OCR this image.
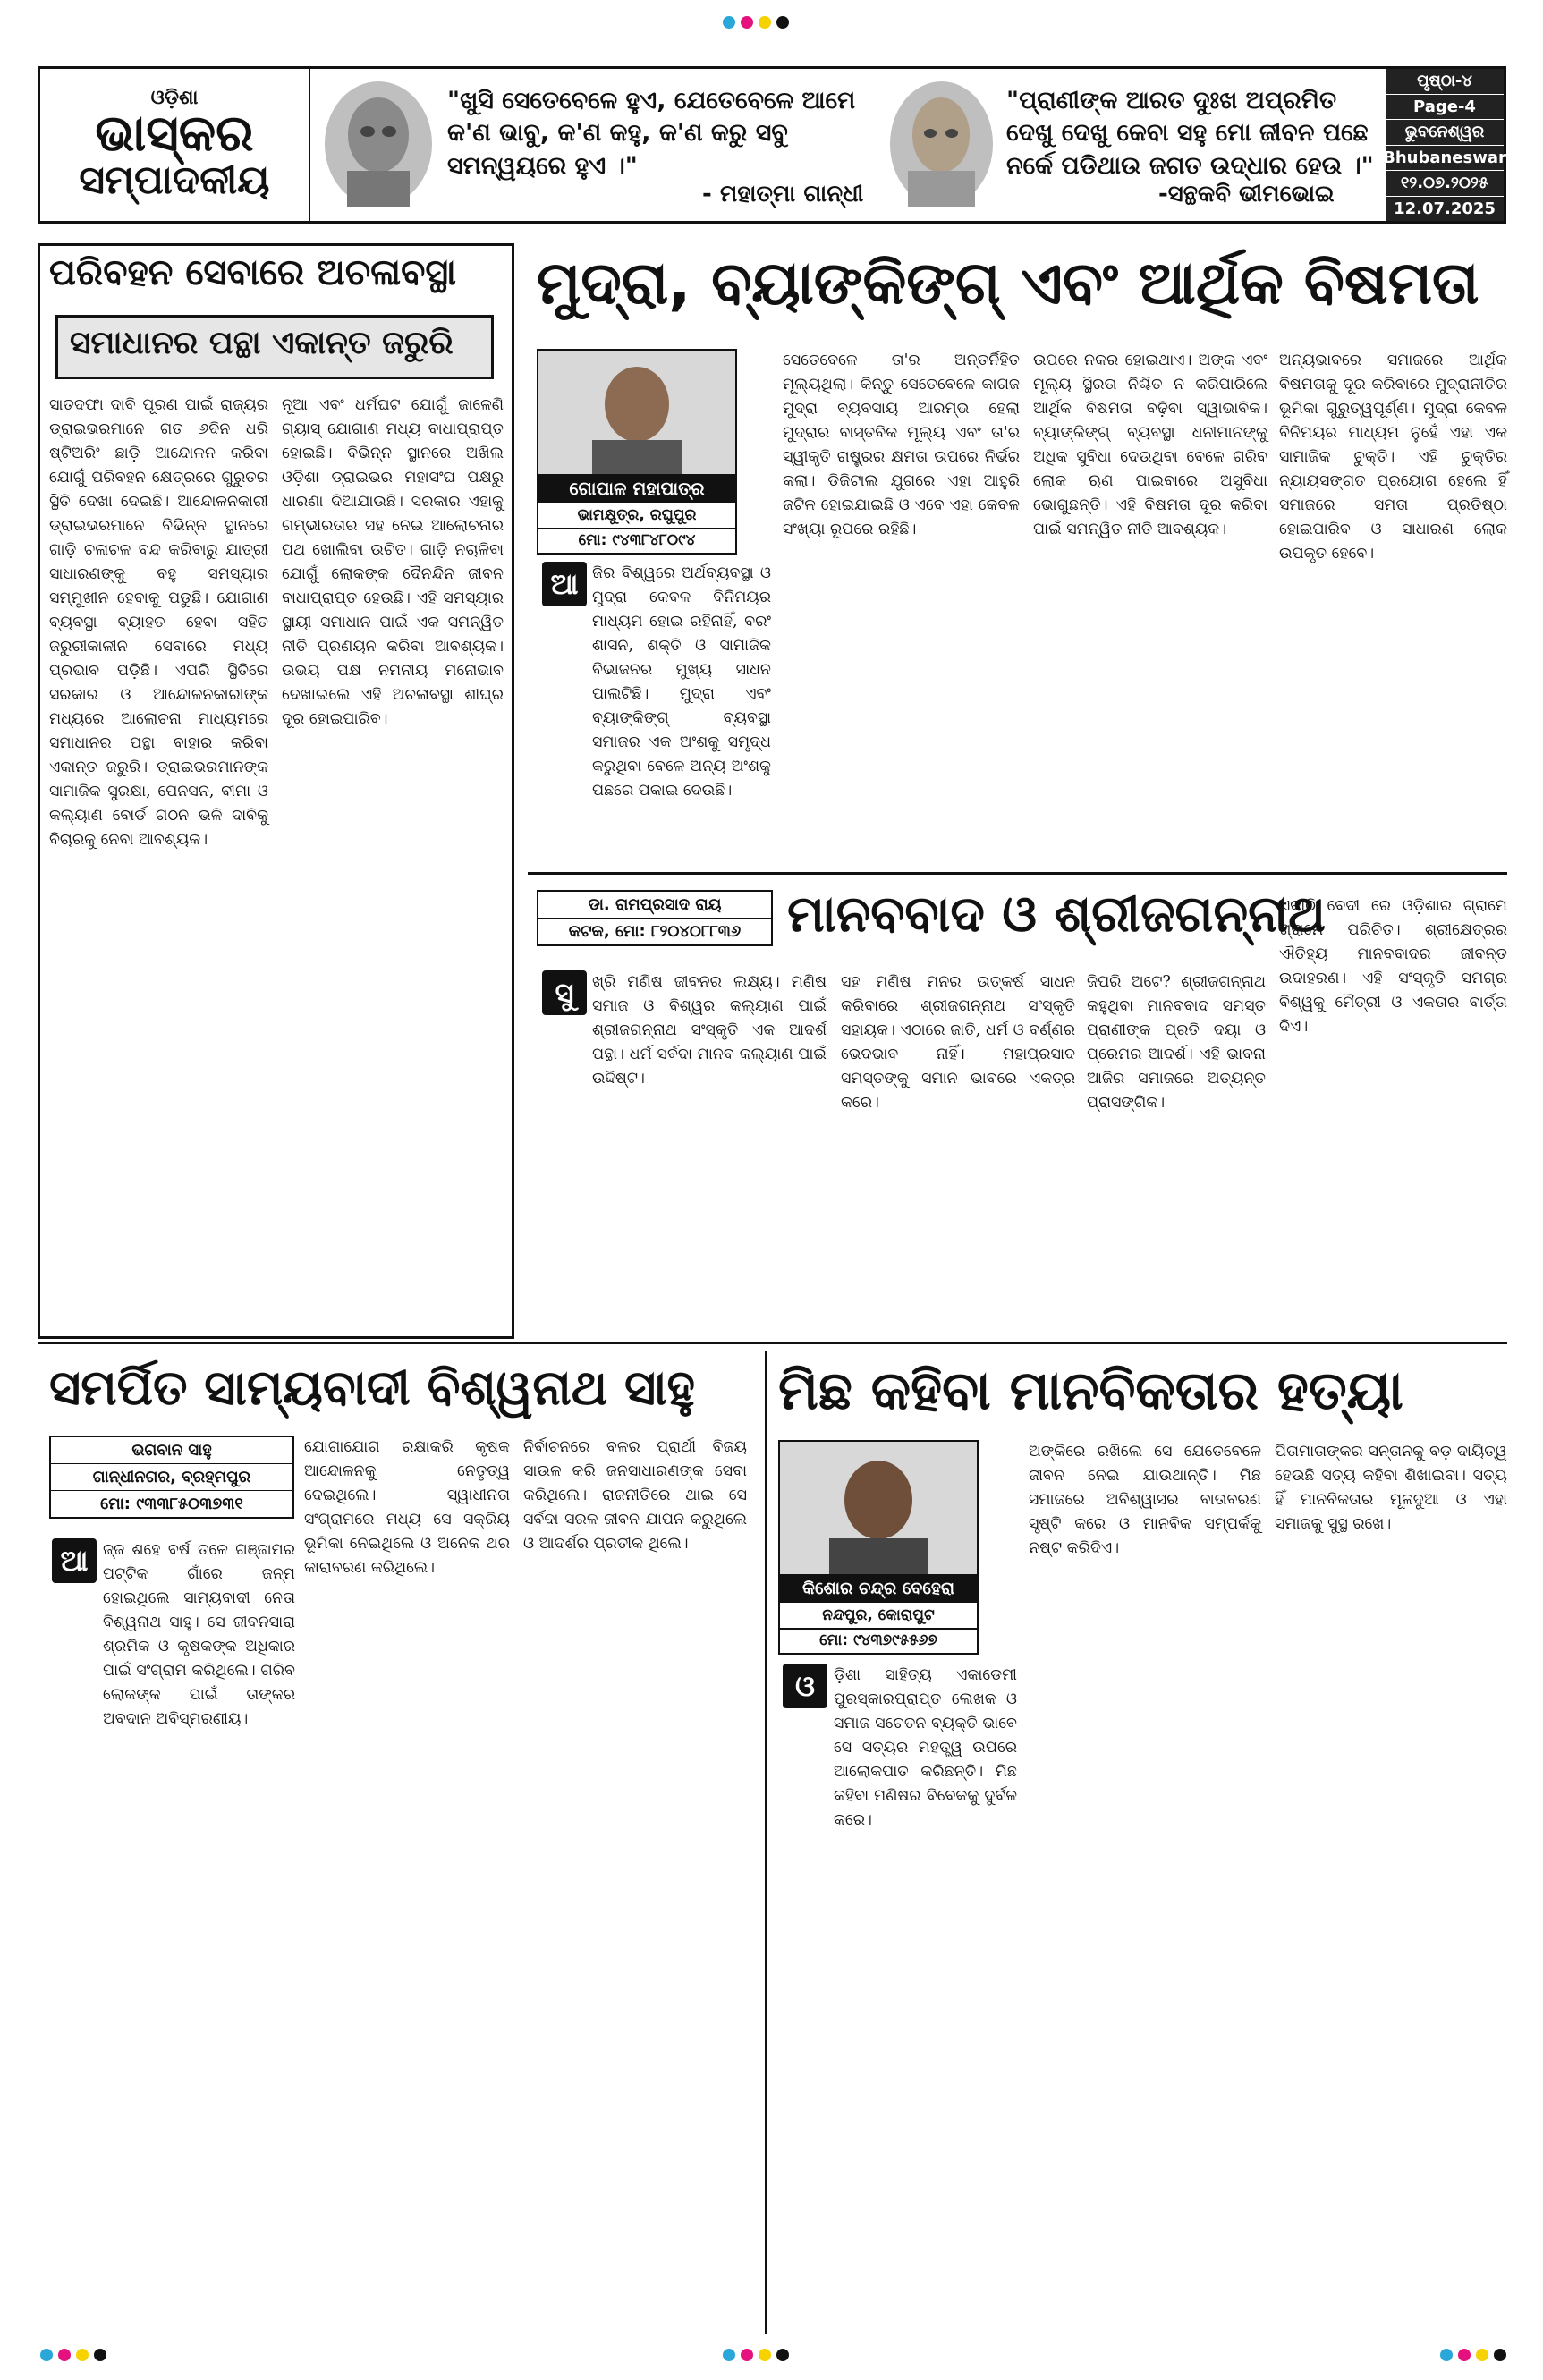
ଓଡ଼ିଶା
ଭାସ୍କର
ସମ୍ପାଦକୀୟ
"ଖୁସି ସେତେବେଳେ ହୁଏ, ଯେତେବେଳେ ଆମେ କ'ଣ ଭାବୁ, କ'ଣ କହୁ, କ'ଣ କରୁ ସବୁ ସମନ୍ୱୟରେ ହୁଏ ।"
- ମହାତ୍ମା ଗାନ୍ଧୀ
"ପ୍ରାଣୀଙ୍କ ଆରତ ଦୁଃଖ ଅପ୍ରମିତ ଦେଖୁ ଦେଖୁ କେବା ସହୁ ମୋ ଜୀବନ ପଛେ ନର୍କେ ପଡିଥାଉ ଜଗତ ଉଦ୍ଧାର ହେଉ ।"
-ସନ୍ଥକବି ଭୀମଭୋଇ
ପୃଷ୍ଠା-୪
Page-4
ଭୁବନେଶ୍ୱର
Bhubaneswar
୧୨.୦୭.୨୦୨୫
12.07.2025
ପରିବହନ ସେବାରେ ଅଚଳାବସ୍ଥା
ସମାଧାନର ପନ୍ଥା ଏକାନ୍ତ ଜରୁରି
ସାତଦଫା ଦାବି ପୂରଣ ପାଇଁ ରାଜ୍ୟର ଡ୍ରାଇଭରମାନେ ଗତ ୬ଦିନ ଧରି ଷ୍ଟିଅରିଂ ଛାଡ଼ି ଆନ୍ଦୋଳନ କରିବା ଯୋଗୁଁ ପରିବହନ କ୍ଷେତ୍ରରେ ଗୁରୁତର ସ୍ଥିତି ଦେଖା ଦେଇଛି। ଆନ୍ଦୋଳନକାରୀ ଡ୍ରାଇଭରମାନେ ବିଭିନ୍ନ ସ୍ଥାନରେ ଗାଡ଼ି ଚଳାଚଳ ବନ୍ଦ କରିବାରୁ ଯାତ୍ରୀ ସାଧାରଣଙ୍କୁ ବହୁ ସମସ୍ୟାର ସମ୍ମୁଖୀନ ହେବାକୁ ପଡୁଛି। ଯୋଗାଣ ବ୍ୟବସ୍ଥା ବ୍ୟାହତ ହେବା ସହିତ ଜରୁରୀକାଳୀନ ସେବାରେ ମଧ୍ୟ ପ୍ରଭାବ ପଡ଼ିଛି। ଏପରି ସ୍ଥିତିରେ ସରକାର ଓ ଆନ୍ଦୋଳନକାରୀଙ୍କ ମଧ୍ୟରେ ଆଲୋଚନା ମାଧ୍ୟମରେ ସମାଧାନର ପନ୍ଥା ବାହାର କରିବା ଏକାନ୍ତ ଜରୁରି। ଡ୍ରାଇଭରମାନଙ୍କ ସାମାଜିକ ସୁରକ୍ଷା, ପେନସନ, ବୀମା ଓ କଲ୍ୟାଣ ବୋର୍ଡ ଗଠନ ଭଳି ଦାବିକୁ ବିଚାରକୁ ନେବା ଆବଶ୍ୟକ।
ନୂଆ ଏବଂ ଧର୍ମଘଟ ଯୋଗୁଁ ଜାଳେଣି ଗ୍ୟାସ୍ ଯୋଗାଣ ମଧ୍ୟ ବାଧାପ୍ରାପ୍ତ ହୋଇଛି। ବିଭିନ୍ନ ସ୍ଥାନରେ ଅଖିଲ ଓଡ଼ିଶା ଡ୍ରାଇଭର ମହାସଂଘ ପକ୍ଷରୁ ଧାରଣା ଦିଆଯାଉଛି। ସରକାର ଏହାକୁ ଗମ୍ଭୀରତାର ସହ ନେଇ ଆଲୋଚନାର ପଥ ଖୋଲିବା ଉଚିତ। ଗାଡ଼ି ନଚାଳିବା ଯୋଗୁଁ ଲୋକଙ୍କ ଦୈନନ୍ଦିନ ଜୀବନ ବାଧାପ୍ରାପ୍ତ ହେଉଛି। ଏହି ସମସ୍ୟାର ସ୍ଥାୟୀ ସମାଧାନ ପାଇଁ ଏକ ସମନ୍ୱିତ ନୀତି ପ୍ରଣୟନ କରିବା ଆବଶ୍ୟକ। ଉଭୟ ପକ୍ଷ ନମନୀୟ ମନୋଭାବ ଦେଖାଇଲେ ଏହି ଅଚଳାବସ୍ଥା ଶୀଘ୍ର ଦୂର ହୋଇପାରିବ।
ମୁଦ୍ରା, ବ୍ୟାଙ୍କିଙ୍ଗ୍ ଏବଂ ଆର୍ଥିକ ବିଷମତା
ଗୋପାଳ ମହାପାତ୍ର
ଭାମକ୍ଷୁତ୍ର, ରଘୁପୁର
ମୋ: ୯୪୩୮୪୮୦୯୪
ଆ ଜିର ବିଶ୍ୱରେ ଅର୍ଥବ୍ୟବସ୍ଥା ଓ ମୁଦ୍ରା କେବଳ ବିନିମୟର ମାଧ୍ୟମ ହୋଇ ରହିନାହିଁ, ବରଂ ଶାସନ, ଶକ୍ତି ଓ ସାମାଜିକ ବିଭାଜନର ମୁଖ୍ୟ ସାଧନ ପାଲଟିଛି। ମୁଦ୍ରା ଏବଂ ବ୍ୟାଙ୍କିଙ୍ଗ୍ ବ୍ୟବସ୍ଥା ସମାଜର ଏକ ଅଂଶକୁ ସମୃଦ୍ଧ କରୁଥିବା ବେଳେ ଅନ୍ୟ ଅଂଶକୁ ପଛରେ ପକାଇ ଦେଉଛି।
ସେତେବେଳେ ତା'ର ଅନ୍ତର୍ନିହିତ ମୂଲ୍ୟଥିଲା। କିନ୍ତୁ ସେତେବେଳେ କାଗଜ ମୁଦ୍ରା ବ୍ୟବସାୟ ଆରମ୍ଭ ହେଲା ମୁଦ୍ରାର ବାସ୍ତବିକ ମୂଲ୍ୟ ଏବଂ ତା'ର ସ୍ୱୀକୃତି ରାଷ୍ଟ୍ରର କ୍ଷମତା ଉପରେ ନିର୍ଭର କଲା। ଡିଜିଟାଲ ଯୁଗରେ ଏହା ଆହୁରି ଜଟିଳ ହୋଇଯାଇଛି ଓ ଏବେ ଏହା କେବଳ ସଂଖ୍ୟା ରୂପରେ ରହିଛି।
ଉପରେ ନକର ହୋଇଥାଏ। ଅଙ୍କ ଏବଂ ମୂଲ୍ୟ ସ୍ଥିରତା ନିଶ୍ଚିତ ନ କରିପାରିଲେ ଆର୍ଥିକ ବିଷମତା ବଢ଼ିବା ସ୍ୱାଭାବିକ। ବ୍ୟାଙ୍କିଙ୍ଗ୍ ବ୍ୟବସ୍ଥା ଧନୀମାନଙ୍କୁ ଅଧିକ ସୁବିଧା ଦେଉଥିବା ବେଳେ ଗରିବ ଲୋକ ଋଣ ପାଇବାରେ ଅସୁବିଧା ଭୋଗୁଛନ୍ତି। ଏହି ବିଷମତା ଦୂର କରିବା ପାଇଁ ସମନ୍ୱିତ ନୀତି ଆବଶ୍ୟକ।
ଅନ୍ୟଭାବରେ ସମାଜରେ ଆର୍ଥିକ ବିଷମତାକୁ ଦୂର କରିବାରେ ମୁଦ୍ରାନୀତିର ଭୂମିକା ଗୁରୁତ୍ୱପୂର୍ଣ୍ଣ। ମୁଦ୍ରା କେବଳ ବିନିମୟର ମାଧ୍ୟମ ନୁହେଁ ଏହା ଏକ ସାମାଜିକ ଚୁକ୍ତି। ଏହି ଚୁକ୍ତିର ନ୍ୟାୟସଙ୍ଗତ ପ୍ରୟୋଗ ହେଲେ ହିଁ ସମାଜରେ ସମତା ପ୍ରତିଷ୍ଠା ହୋଇପାରିବ ଓ ସାଧାରଣ ଲୋକ ଉପକୃତ ହେବେ।
ଡା. ରାମପ୍ରସାଦ ରାୟ
କଟକ, ମୋ: ୮୨୦୪୦୮୮୩୬ ମାନବବାଦ ଓ ଶ୍ରୀଜଗନ୍ନାଥ
ସୁ	ଖ୍ରି ମଣିଷ ଜୀବନର ଲକ୍ଷ୍ୟ। ମଣିଷ ସମାଜ ଓ ବିଶ୍ୱର କଲ୍ୟାଣ ପାଇଁ ଶ୍ରୀଜଗନ୍ନାଥ ସଂସ୍କୃତି ଏକ ଆଦର୍ଶ ପନ୍ଥା। ଧର୍ମ ସର୍ବଦା ମାନବ କଲ୍ୟାଣ ପାଇଁ ଉଦ୍ଦିଷ୍ଟ।
ସହ ମଣିଷ ମନର ଉତ୍କର୍ଷ ସାଧନ କରିବାରେ ଶ୍ରୀଜଗନ୍ନାଥ ସଂସ୍କୃତି ସହାୟକ। ଏଠାରେ ଜାତି, ଧର୍ମ ଓ ବର୍ଣ୍ଣର ଭେଦଭାବ ନାହିଁ। ମହାପ୍ରସାଦ ସମସ୍ତଙ୍କୁ ସମାନ ଭାବରେ ଏକତ୍ର କରେ।
ଜିପରି ଅଟେ? ଶ୍ରୀଜଗନ୍ନାଥ କହୁଥିବା ମାନବବାଦ ସମସ୍ତ ପ୍ରାଣୀଙ୍କ ପ୍ରତି ଦୟା ଓ ପ୍ରେମର ଆଦର୍ଶ। ଏହି ଭାବନା ଆଜିର ସମାଜରେ ଅତ୍ୟନ୍ତ ପ୍ରାସଙ୍ଗିକ।
ଏକାଠି ବେଦୀ ରେ ଓଡ଼ିଶାର ଗ୍ରାମେ ଗ୍ରାମେ ପରିଚିତ। ଶ୍ରୀକ୍ଷେତ୍ରର ଐତିହ୍ୟ ମାନବବାଦର ଜୀବନ୍ତ ଉଦାହରଣ। ଏହି ସଂସ୍କୃତି ସମଗ୍ର ବିଶ୍ୱକୁ ମୈତ୍ରୀ ଓ ଏକତାର ବାର୍ତ୍ତା ଦିଏ।
ସମର୍ପିତ ସାମ୍ୟବାଦୀ ବିଶ୍ୱନାଥ ସାହୁ
ଭଗବାନ ସାହୁ
ଗାନ୍ଧୀନଗର, ବ୍ରହ୍ମପୁର
ମୋ: ୯୩୩୮୫୦୩୭୩୧
ଆ ଜ୍ଜ ଶହେ ବର୍ଷ ତଳେ ଗଞ୍ଜାମର ପଟ୍ଟିକ ଗାଁରେ ଜନ୍ମ ହୋଇଥିଲେ ସାମ୍ୟବାଦୀ ନେତା ବିଶ୍ୱନାଥ ସାହୁ। ସେ ଜୀବନସାରା ଶ୍ରମିକ ଓ କୃଷକଙ୍କ ଅଧିକାର ପାଇଁ ସଂଗ୍ରାମ କରିଥିଲେ। ଗରିବ ଲୋକଙ୍କ ପାଇଁ ତାଙ୍କର ଅବଦାନ ଅବିସ୍ମରଣୀୟ।
ଯୋଗାଯୋଗ ରକ୍ଷାକରି କୃଷକ ଆନ୍ଦୋଳନକୁ ନେତୃତ୍ୱ ଦେଇଥିଲେ। ସ୍ୱାଧୀନତା ସଂଗ୍ରାମରେ ମଧ୍ୟ ସେ ସକ୍ରିୟ ଭୂମିକା ନେଇଥିଲେ ଓ ଅନେକ ଥର କାରାବରଣ କରିଥିଲେ।
ନିର୍ବାଚନରେ ବଳର ପ୍ରାର୍ଥୀ ବିଜୟ ସାଉଳ କରି ଜନସାଧାରଣଙ୍କ ସେବା କରିଥିଲେ। ରାଜନୀତିରେ ଥାଇ ସେ ସର୍ବଦା ସରଳ ଜୀବନ ଯାପନ କରୁଥିଲେ ଓ ଆଦର୍ଶର ପ୍ରତୀକ ଥିଲେ।
ମିଛ କହିବା ମାନବିକତାର ହତ୍ୟା
କିଶୋର ଚନ୍ଦ୍ର ବେହେରା
ନନ୍ଦପୁର, କୋରାପୁଟ
ମୋ: ୯୪୩୭୯୫୫୬୭
ଓ	ଡ଼ିଶା ସାହିତ୍ୟ ଏକାଡେମୀ ପୁରସ୍କାରପ୍ରାପ୍ତ ଲେଖକ ଓ ସମାଜ ସଚେତନ ବ୍ୟକ୍ତି ଭାବେ ସେ ସତ୍ୟର ମହତ୍ତ୍ୱ ଉପରେ ଆଲୋକପାତ କରିଛନ୍ତି। ମିଛ କହିବା ମଣିଷର ବିବେକକୁ ଦୁର୍ବଳ କରେ।
ଅଙ୍କିରେ ରଖିଲେ ସେ ଯେତେବେଳେ ଜୀବନ ନେଇ ଯାଉଥାନ୍ତି। ମିଛ ସମାଜରେ ଅବିଶ୍ୱାସର ବାତାବରଣ ସୃଷ୍ଟି କରେ ଓ ମାନବିକ ସମ୍ପର୍କକୁ ନଷ୍ଟ କରିଦିଏ।
ପିତାମାତାଙ୍କର ସନ୍ତାନକୁ ବଡ଼ ଦାୟିତ୍ୱ ହେଉଛି ସତ୍ୟ କହିବା ଶିଖାଇବା। ସତ୍ୟ ହିଁ ମାନବିକତାର ମୂଳଦୁଆ ଓ ଏହା ସମାଜକୁ ସୁସ୍ଥ ରଖେ।
